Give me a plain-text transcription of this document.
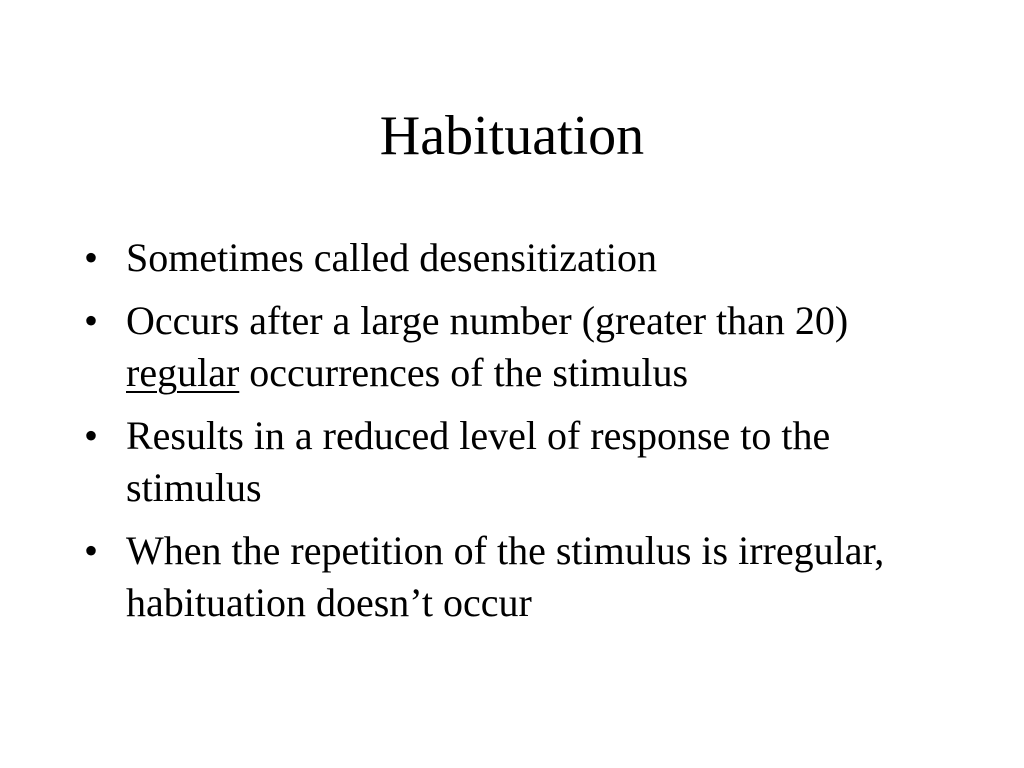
Habituation
• Sometimes called desensitization
• Occurs after a large number (greater than 20) regular occurrences of the stimulus
• Results in a reduced level of response to the stimulus
• When the repetition of the stimulus is irregular, habituation doesn’t occur
